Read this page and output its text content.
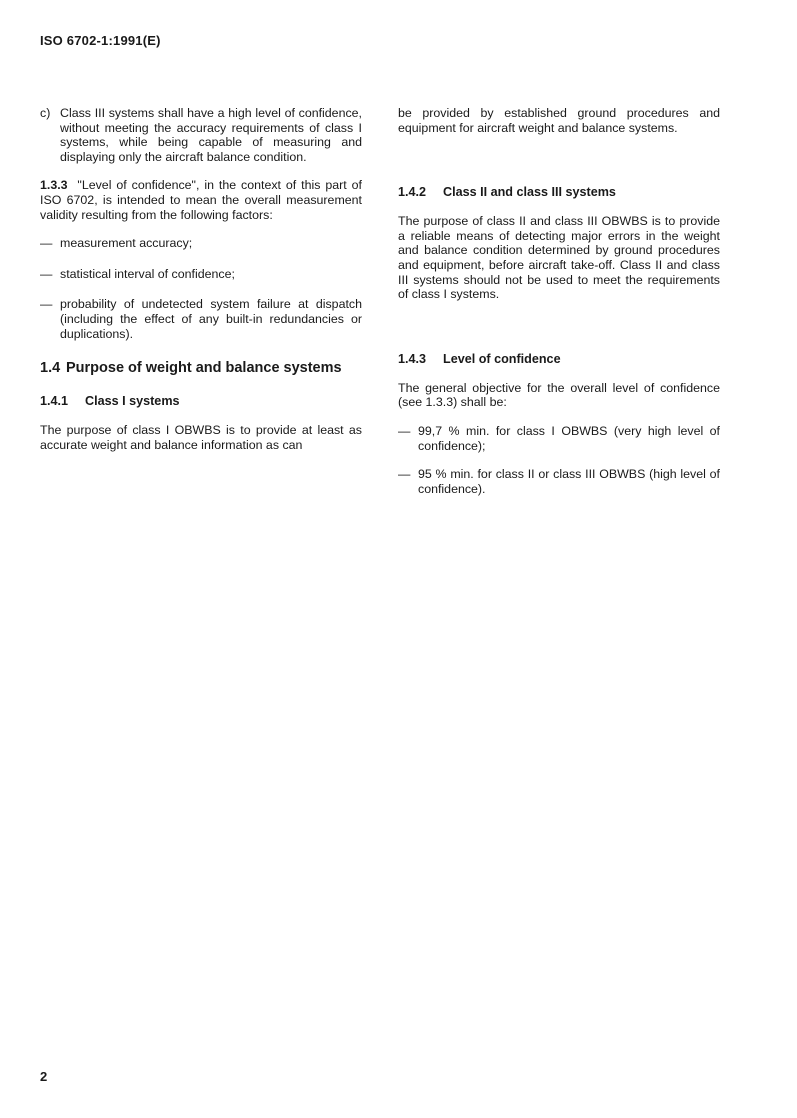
ISO 6702-1:1991(E)
c) Class III systems shall have a high level of confidence, without meeting the accuracy requirements of class I systems, while being capable of measuring and displaying only the aircraft balance condition.

1.3.3 "Level of confidence", in the context of this part of ISO 6702, is intended to mean the overall measurement validity resulting from the following factors:

— measurement accuracy;
— statistical interval of confidence;
— probability of undetected system failure at dispatch (including the effect of any built-in redundancies or duplications).
1.4 Purpose of weight and balance systems
1.4.1 Class I systems

The purpose of class I OBWBS is to provide at least as accurate weight and balance information as can

be provided by established ground procedures and equipment for aircraft weight and balance systems.

1.4.2 Class II and class III systems

The purpose of class II and class III OBWBS is to provide a reliable means of detecting major errors in the weight and balance condition determined by ground procedures and equipment, before aircraft take-off. Class II and class III systems should not be used to meet the requirements of class I systems.

1.4.3 Level of confidence

The general objective for the overall level of confidence (see 1.3.3) shall be:

— 99,7 % min. for class I OBWBS (very high level of confidence);
— 95 % min. for class II or class III OBWBS (high level of confidence).
2
